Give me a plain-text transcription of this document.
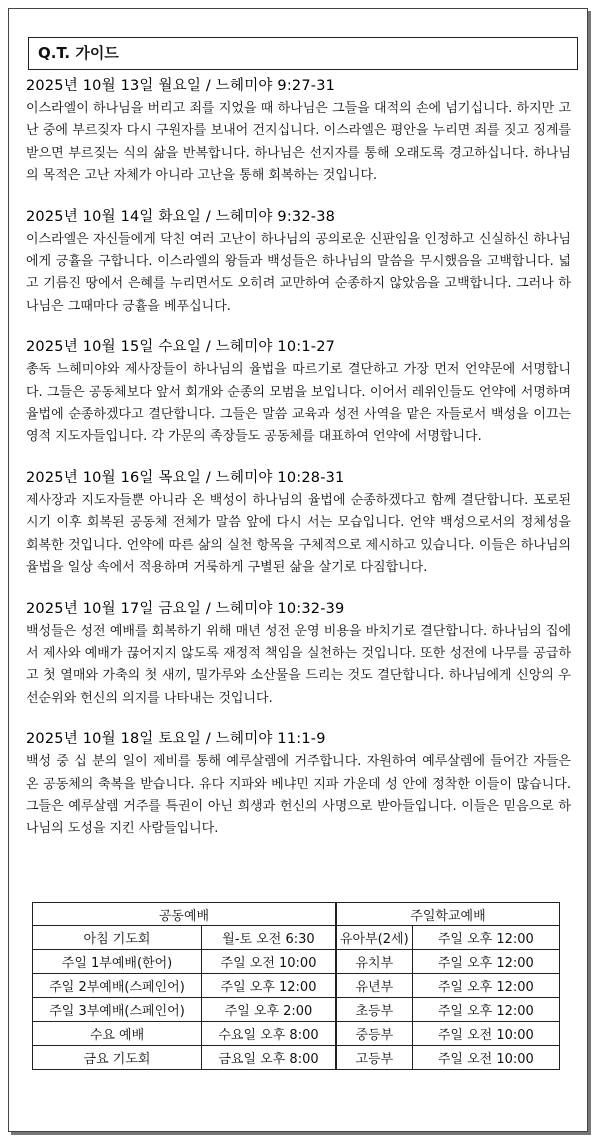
Q.T. 가이드
2025년 10월 13일 월요일 / 느헤미야 9:27-31
이스라엘이 하나님을 버리고 죄를 지었을 때 하나님은 그들을 대적의 손에 넘기십니다. 하지만 고난 중에 부르짖자 다시 구원자를 보내어 건지십니다. 이스라엘은 평안을 누리면 죄를 짓고 징계를 받으면 부르짖는 식의 삶을 반복합니다. 하나님은 선지자를 통해 오래도록 경고하십니다. 하나님의 목적은 고난 자체가 아니라 고난을 통해 회복하는 것입니다.
2025년 10월 14일 화요일 / 느헤미야 9:32-38
이스라엘은 자신들에게 닥친 여러 고난이 하나님의 공의로운 신판임을 인정하고 신실하신 하나님에게 긍휼을 구합니다. 이스라엘의 왕들과 백성들은 하나님의 말씀을 무시했음을 고백합니다. 넓고 기름진 땅에서 은혜를 누리면서도 오히려 교만하여 순종하지 않았음을 고백합니다. 그러나 하나님은 그때마다 긍휼을 베푸십니다.
2025년 10월 15일 수요일 / 느헤미야 10:1-27
총독 느헤미야와 제사장들이 하나님의 율법을 따르기로 결단하고 가장 먼저 언약문에 서명합니다. 그들은 공동체보다 앞서 회개와 순종의 모범을 보입니다. 이어서 레위인들도 언약에 서명하며 율법에 순종하겠다고 결단합니다. 그들은 말씀 교육과 성전 사역을 맡은 자들로서 백성을 이끄는 영적 지도자들입니다. 각 가문의 족장들도 공동체를 대표하여 언약에 서명합니다.
2025년 10월 16일 목요일 / 느헤미야 10:28-31
제사장과 지도자들뿐 아니라 온 백성이 하나님의 율법에 순종하겠다고 함께 결단합니다. 포로된 시기 이후 회복된 공동체 전체가 말씀 앞에 다시 서는 모습입니다. 언약 백성으로서의 정체성을 회복한 것입니다. 언약에 따른 삶의 실천 항목을 구체적으로 제시하고 있습니다. 이들은 하나님의 율법을 일상 속에서 적용하며 거룩하게 구별된 삶을 살기로 다짐합니다.
2025년 10월 17일 금요일 / 느헤미야 10:32-39
백성들은 성전 예배를 회복하기 위해 매년 성전 운영 비용을 바치기로 결단합니다. 하나님의 집에서 제사와 예배가 끊어지지 않도록 재정적 책임을 실천하는 것입니다. 또한 성전에 나무를 공급하고 첫 열매와 가축의 첫 새끼, 밀가루와 소산물을 드리는 것도 결단합니다. 하나님에게 신앙의 우선순위와 헌신의 의지를 나타내는 것입니다.
2025년 10월 18일 토요일 / 느헤미야 11:1-9
백성 중 십 분의 일이 제비를 통해 예루살렘에 거주합니다. 자원하여 예루살렘에 들어간 자들은 온 공동체의 축복을 받습니다. 유다 지파와 베냐민 지파 가운데 성 안에 정착한 이들이 많습니다. 그들은 예루살렘 거주를 특권이 아닌 희생과 헌신의 사명으로 받아들입니다. 이들은 믿음으로 하나님의 도성을 지킨 사람들입니다.
공동예배		주일학교예배	
아침 기도회	월-토 오전 6:30	유아부(2세)	주일 오후 12:00
주일 1부예배(한어)	주일 오전 10:00	유치부	주일 오후 12:00
주일 2부예배(스페인어)	주일 오후 12:00	유년부	주일 오후 12:00
주일 3부예배(스페인어)	주일 오후 2:00	초등부	주일 오후 12:00
수요 예배	수요일 오후 8:00	중등부	주일 오전 10:00
금요 기도회	금요일 오후 8:00	고등부	주일 오전 10:00
